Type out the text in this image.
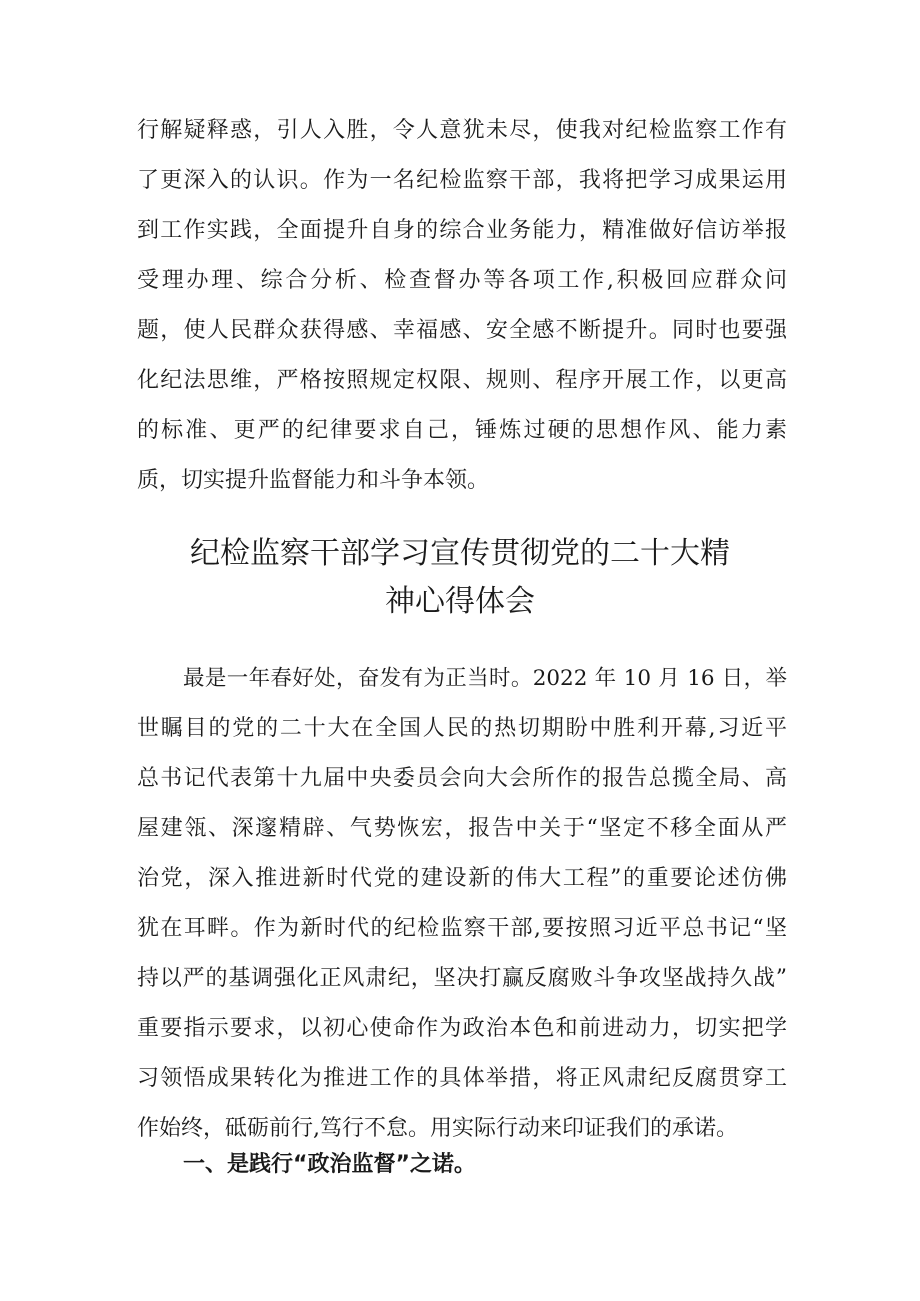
行解疑释惑，引人入胜，令人意犹未尽，使我对纪检监察工作有
了更深入的认识。作为一名纪检监察干部，我将把学习成果运用
到工作实践，全面提升自身的综合业务能力，精准做好信访举报
受理办理、综合分析、检查督办等各项工作,积极回应群众问
题，使人民群众获得感、幸福感、安全感不断提升。同时也要强
化纪法思维，严格按照规定权限、规则、程序开展工作，以更高
的标准、更严的纪律要求自己，锤炼过硬的思想作风、能力素
质，切实提升监督能力和斗争本领。
纪检监察干部学习宣传贯彻党的二十大精
神心得体会
最是一年春好处，奋发有为正当时。2022 年 10 月 16 日，举
世瞩目的党的二十大在全国人民的热切期盼中胜利开幕,习近平
总书记代表第十九届中央委员会向大会所作的报告总揽全局、高
屋建瓴、深邃精辟、气势恢宏，报告中关于“坚定不移全面从严
治党，深入推进新时代党的建设新的伟大工程”的重要论述仿佛
犹在耳畔。作为新时代的纪检监察干部,要按照习近平总书记“坚
持以严的基调强化正风肃纪，坚决打赢反腐败斗争攻坚战持久战”
重要指示要求，以初心使命作为政治本色和前进动力，切实把学
习领悟成果转化为推进工作的具体举措，将正风肃纪反腐贯穿工
作始终，砥砺前行,笃行不怠。用实际行动来印证我们的承诺。
一、是践行“政治监督”之诺。
